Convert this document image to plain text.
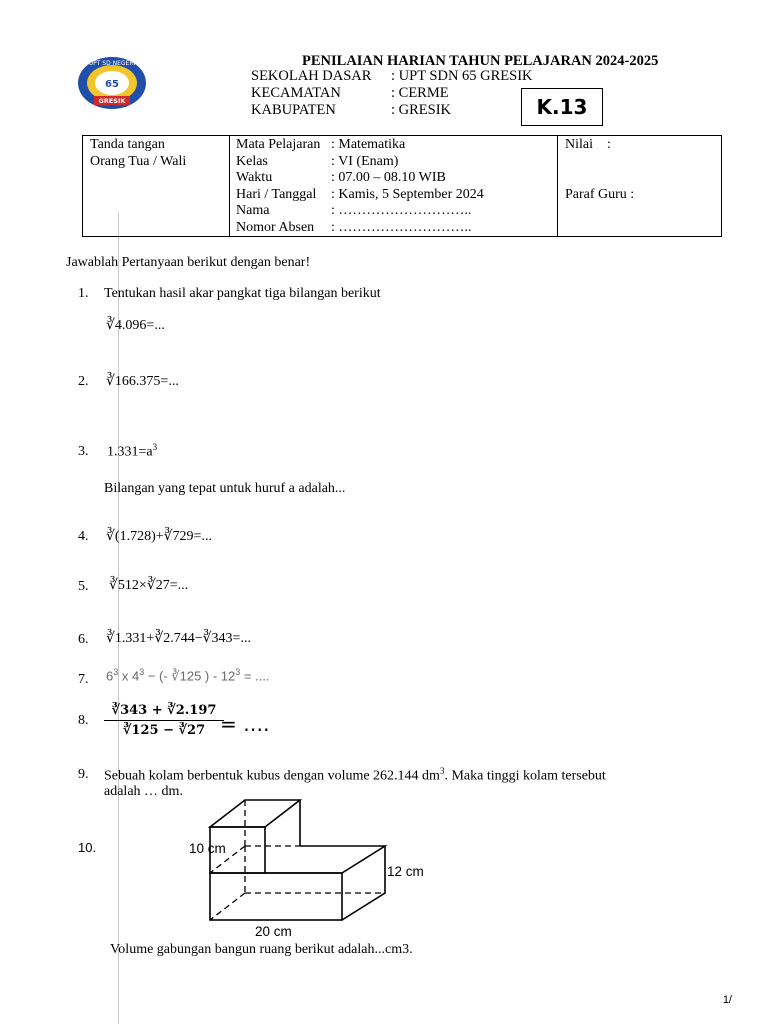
UPT SD NEGERI
65
GRESIK
PENILAIAN HARIAN TAHUN PELAJARAN 2024-2025
SEKOLAH DASAR : UPT SDN 65 GRESIK
KECAMATAN	: CERME
KABUPATEN	: GRESIK	K.13
Tanda tangan
Orang Tua / Wali
Mata Pelajaran : Matematika
Kelas	: VI (Enam)
Waktu	: 07.00 – 08.10 WIB
Hari / Tanggal : Kamis, 5 September 2024
Nama	: ………………………..
Nomor Absen : ………………………..
Nilai    :
Paraf Guru :
Jawablah Pertanyaan berikut dengan benar!
1. Tentukan hasil akar pangkat tiga bilangan berikut
∛4.096=...
2. ∛166.375=...
3. $1.331=a^3$
Bilangan yang tepat untuk huruf a adalah...
4. ∛(1.728)+∛729=...
5. ∛512×∛27=...
6. ∛1.331+∛2.744−∛343=...
7. $6^3$ x $4^3$ − (- ∛125 ) - $12^3$ = ....
8.
∛343 + ∛2.197
∛125 − ∛27 = ….
9. Sebuah kolam berbentuk kubus dengan volume 262.144 $dm^3$. Maka tinggi kolam tersebut
adalah … dm.
10.	10 cm
12 cm
20 cm
Volume gabungan bangun ruang berikut adalah...cm3.
1/
